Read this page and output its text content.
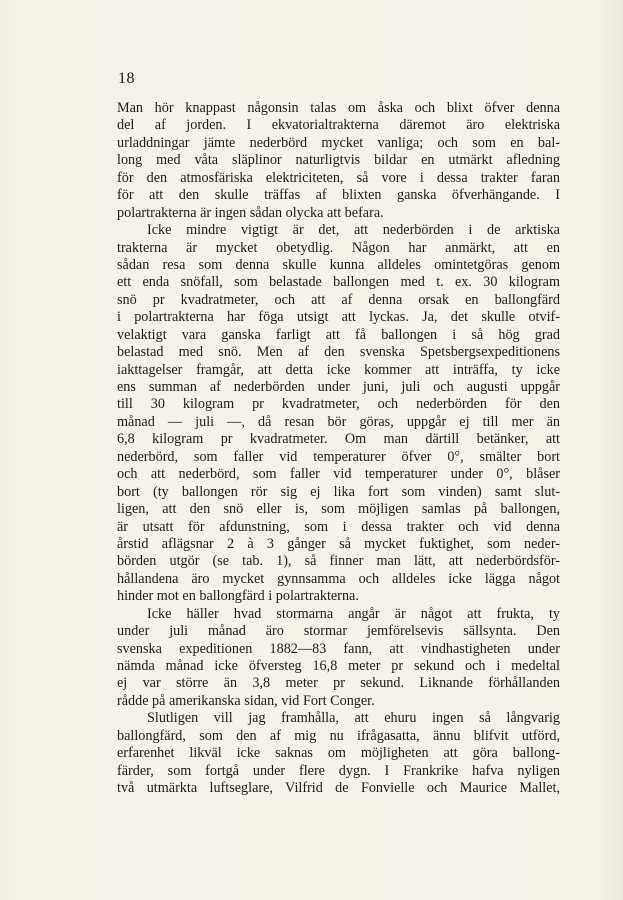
18
Man hör knappast någonsin talas om åska och blixt öfver denna
del af jorden. I ekvatorialtrakterna däremot äro elektriska
urladdningar jämte nederbörd mycket vanliga; och som en bal-
long med våta släplinor naturligtvis bildar en utmärkt afledning
för den atmosfäriska elektriciteten, så vore i dessa trakter faran
för att den skulle träffas af blixten ganska öfverhängande. I
polartrakterna är ingen sådan olycka att befara.
Icke mindre vigtigt är det, att nederbörden i de arktiska
trakterna är mycket obetydlig. Någon har anmärkt, att en
sådan resa som denna skulle kunna alldeles omintetgöras genom
ett enda snöfall, som belastade ballongen med t. ex. 30 kilogram
snö pr kvadratmeter, och att af denna orsak en ballongfärd
i polartrakterna har föga utsigt att lyckas. Ja, det skulle otvif-
velaktigt vara ganska farligt att få ballongen i så hög grad
belastad med snö. Men af den svenska Spetsbergsexpeditionens
iakttagelser framgår, att detta icke kommer att inträffa, ty icke
ens summan af nederbörden under juni, juli och augusti uppgår
till 30 kilogram pr kvadratmeter, och nederbörden för den
månad — juli —, då resan bör göras, uppgår ej till mer än
6,8 kilogram pr kvadratmeter. Om man därtill betänker, att
nederbörd, som faller vid temperaturer öfver 0°, smälter bort
och att nederbörd, som faller vid temperaturer under 0°, blåser
bort (ty ballongen rör sig ej lika fort som vinden) samt slut-
ligen, att den snö eller is, som möjligen samlas på ballongen,
är utsatt för afdunstning, som i dessa trakter och vid denna
årstid aflägsnar 2 à 3 gånger så mycket fuktighet, som neder-
börden utgör (se tab. 1), så finner man lätt, att nederbördsför-
hållandena äro mycket gynnsamma och alldeles icke lägga något
hinder mot en ballongfärd i polartrakterna.
Icke häller hvad stormarna angår är något att frukta, ty
under juli månad äro stormar jemförelsevis sällsynta. Den
svenska expeditionen 1882—83 fann, att vindhastigheten under
nämda månad icke öfversteg 16,8 meter pr sekund och i medeltal
ej var större än 3,8 meter pr sekund. Liknande förhållanden
rådde på amerikanska sidan, vid Fort Conger.
Slutligen vill jag framhålla, att ehuru ingen så långvarig
ballongfärd, som den af mig nu ifrågasatta, ännu blifvit utförd,
erfarenhet likväl icke saknas om möjligheten att göra ballong-
färder, som fortgå under flere dygn. I Frankrike hafva nyligen
två utmärkta luftseglare, Vilfrid de Fonvielle och Maurice Mallet,
